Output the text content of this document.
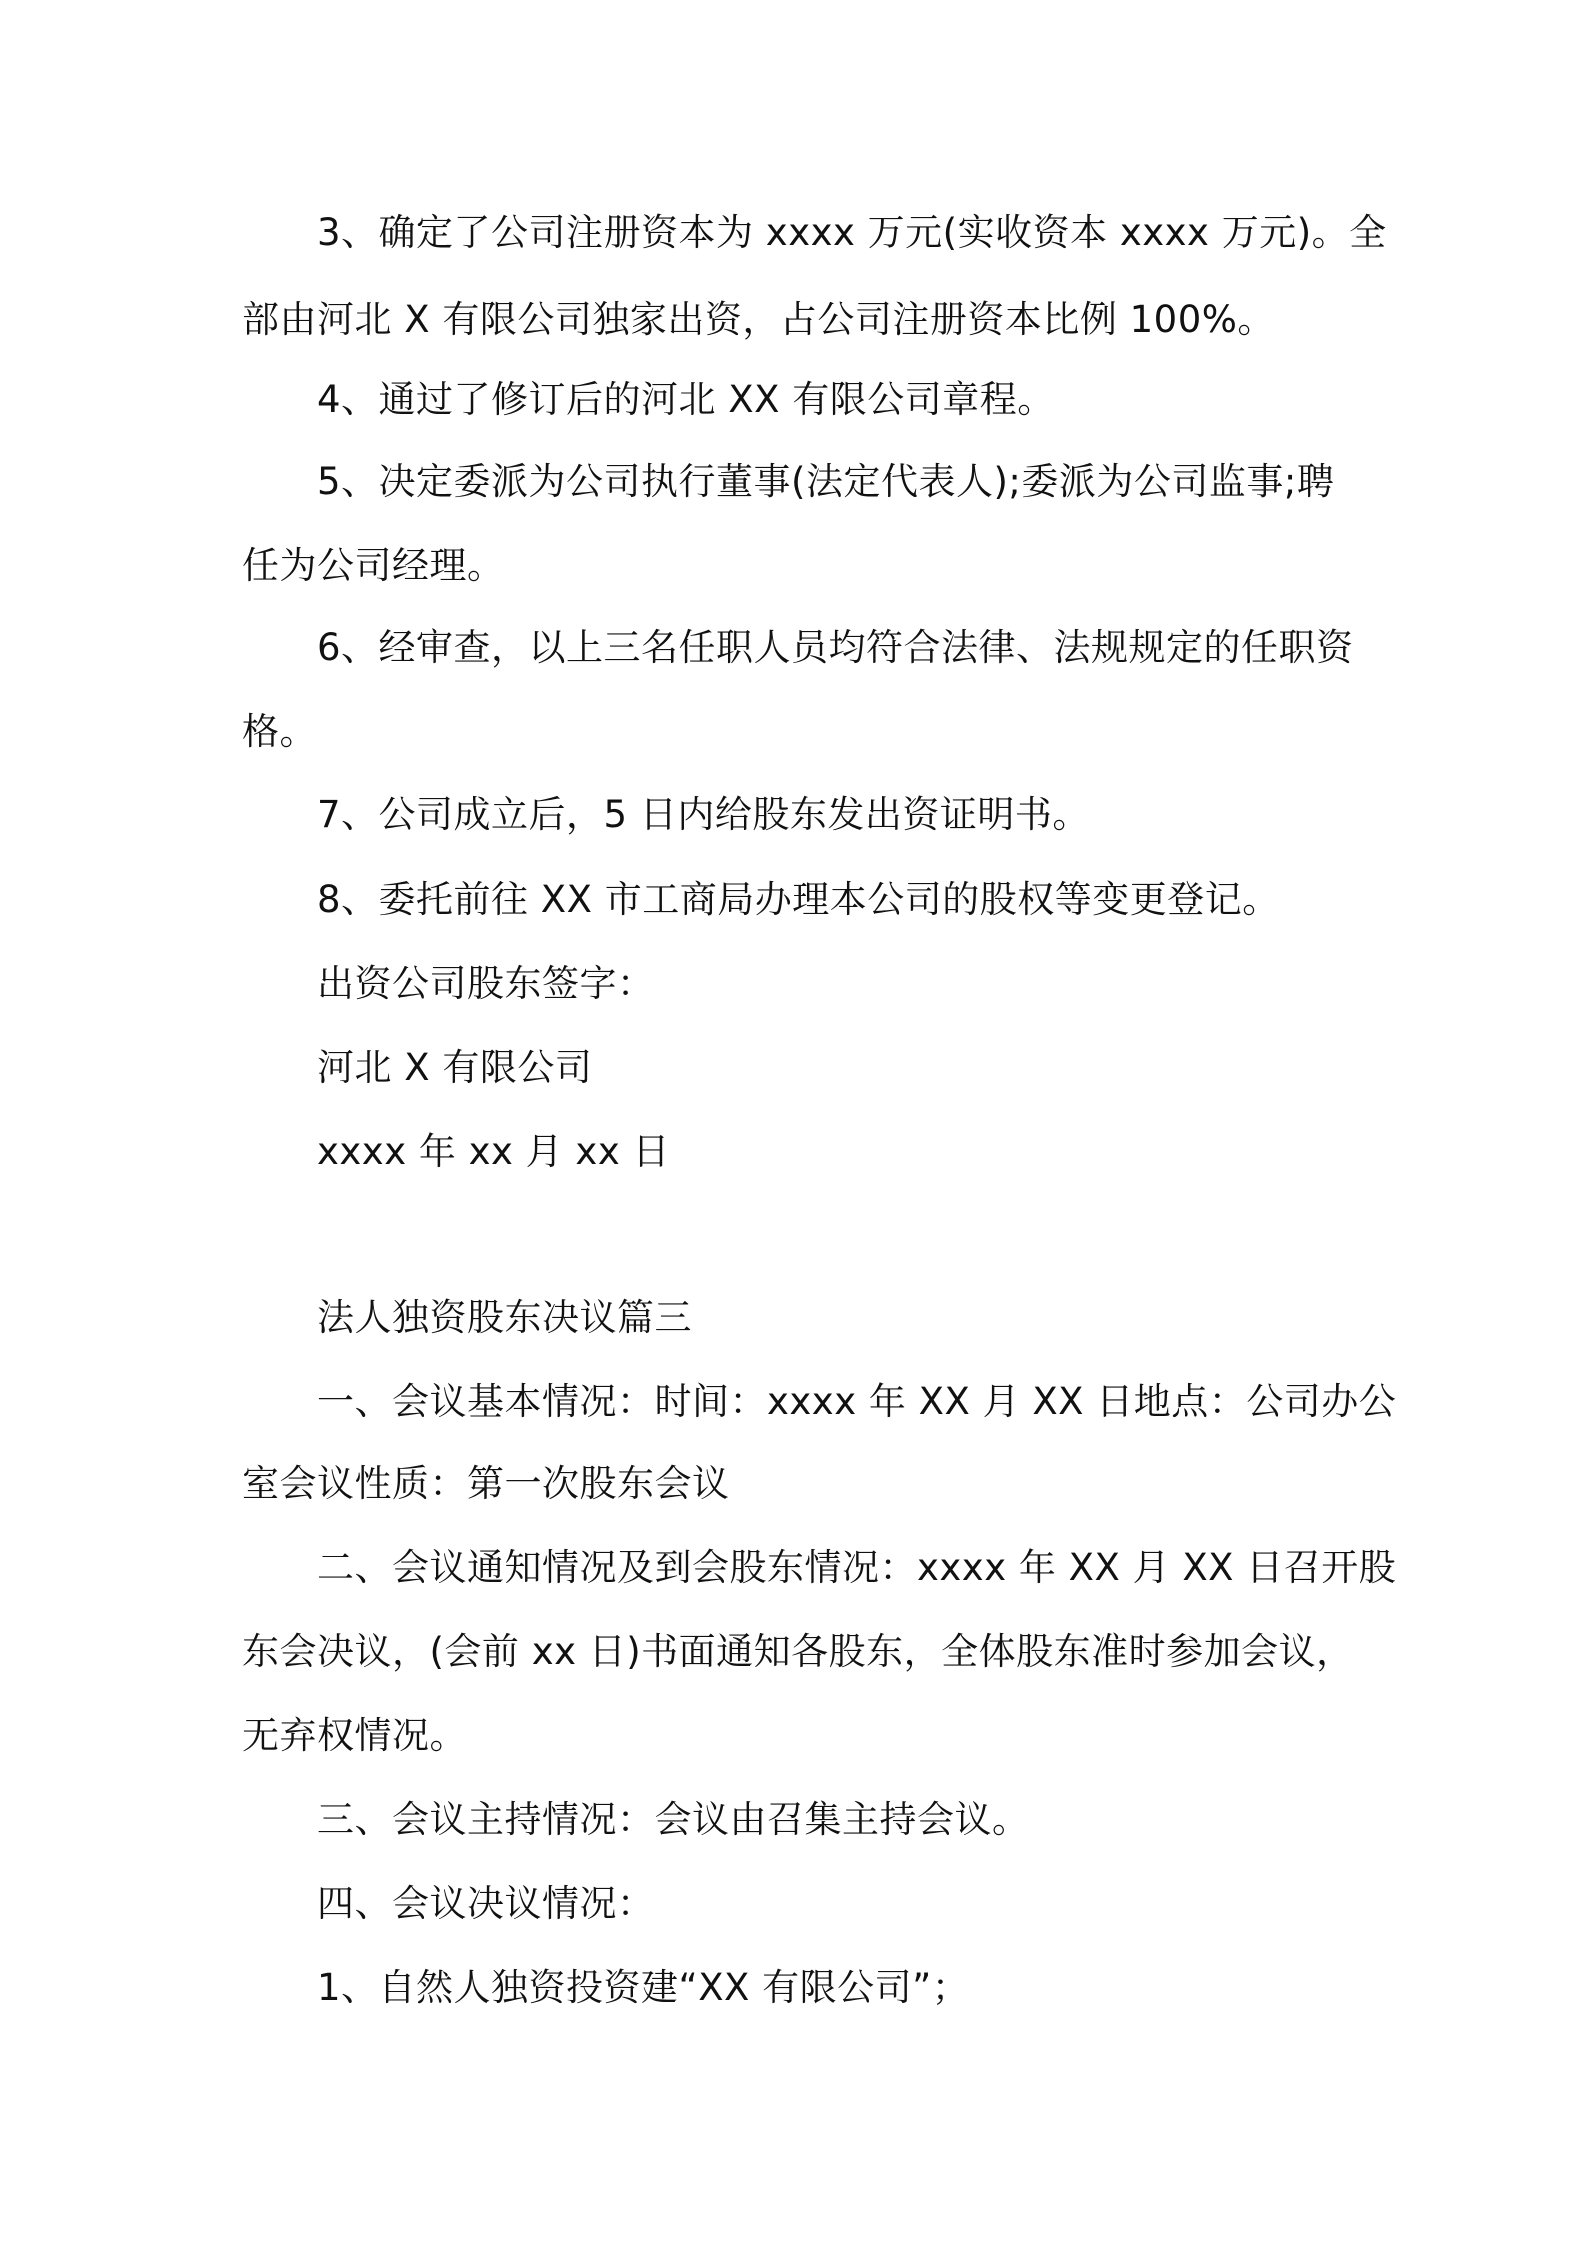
3、确定了公司注册资本为 xxxx 万元(实收资本 xxxx 万元)。全
部由河北 X 有限公司独家出资，占公司注册资本比例 100%。
4、通过了修订后的河北 XX 有限公司章程。
5、决定委派为公司执行董事(法定代表人);委派为公司监事;聘
任为公司经理。
6、经审查，以上三名任职人员均符合法律、法规规定的任职资
格。
7、公司成立后，5 日内给股东发出资证明书。
8、委托前往 XX 市工商局办理本公司的股权等变更登记。
出资公司股东签字：
河北 X 有限公司
xxxx 年 xx 月 xx 日
法人独资股东决议篇三
一、会议基本情况：时间：xxxx 年 XX 月 XX 日地点：公司办公
室会议性质：第一次股东会议
二、会议通知情况及到会股东情况：xxxx 年 XX 月 XX 日召开股
东会决议，(会前 xx 日)书面通知各股东，全体股东准时参加会议，
无弃权情况。
三、会议主持情况：会议由召集主持会议。
四、会议决议情况：
1、自然人独资投资建“XX 有限公司”；
